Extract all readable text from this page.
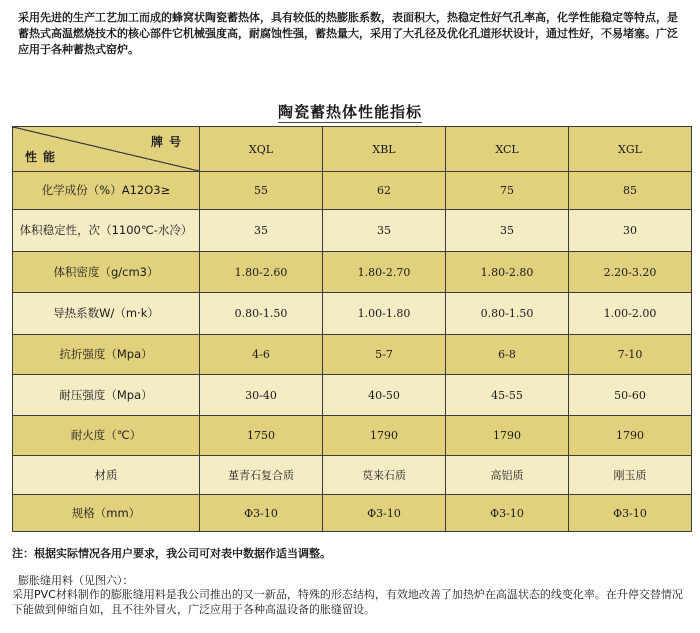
采用先进的生产工艺加工而成的蜂窝状陶瓷蓄热体，具有较低的热膨胀系数，表面积大，热稳定性好气孔率高，化学性能稳定等特点，是蓄热式高温燃烧技术的核心部件它机械强度高，耐腐蚀性强，蓄热量大，采用了大孔径及优化孔道形状设计，通过性好，不易堵塞。广泛应用于各种蓄热式窑炉。
陶瓷蓄热体性能指标
牌号
性能	XQL	XBL	XCL	XGL
化学成份（%）A12O3≥	55	62	75	85
体积稳定性，次（1100℃-水冷）	35	35	35	30
体积密度（g/cm3）	1.80-2.60	1.80-2.70	1.80-2.80	2.20-3.20
导热系数W/（m·k）	0.80-1.50	1.00-1.80	0.80-1.50	1.00-2.00
抗折强度（Mpa）	4-6	5-7	6-8	7-10
耐压强度（Mpa）	30-40	40-50	45-55	50-60
耐火度（℃）	1750	1790	1790	1790
材质	堇青石复合质	莫来石质	高铝质	刚玉质
规格（mm）	Φ3-10	Φ3-10	Φ3-10	Φ3-10
注：根据实际情况各用户要求，我公司可对表中数据作适当调整。
膨胀缝用料（见图六）：
采用PVC材料制作的膨胀缝用料是我公司推出的又一新品，特殊的形态结构，有效地改善了加热炉在高温状态的线变化率。在升停交替情况下能做到伸缩自如，且不往外冒火，广泛应用于各种高温设备的胀缝留设。
